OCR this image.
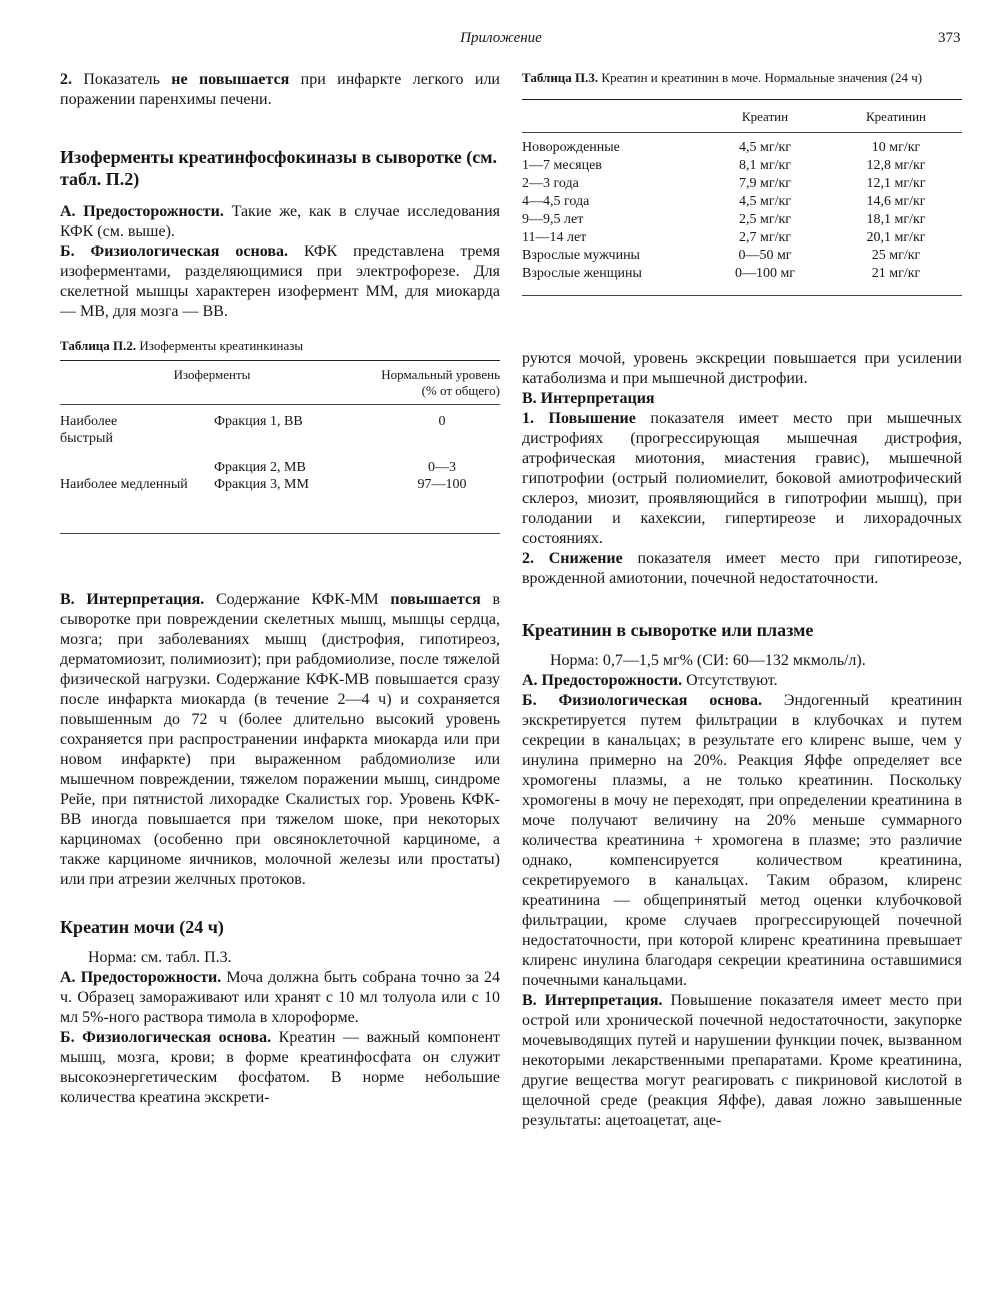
Приложение	373

2. Показатель не повышается при инфаркте легкого или поражении паренхимы печени.

Изоферменты креатинфосфокиназы в сыворотке (см. табл. П.2)

А. Предосторожности. Такие же, как в случае исследования КФК (см. выше).

Б. Физиологическая основа. КФК представлена тремя изоферментами, разделяющимися при электрофорезе. Для скелетной мышцы характерен изофермент ММ, для миокарда — МВ, для мозга — ВВ.

Таблица П.2. Изоферменты креатинкиназы

Изоферменты	Нормальный уровень (% от общего)
Наиболее быстрый	Фракция 1, ВВ	0
	Фракция 2, МВ	0—3
Наиболее медленный	Фракция 3, ММ	97—100

В. Интерпретация. Содержание КФК-ММ повышается в сыворотке при повреждении скелетных мышц, мышцы сердца, мозга; при заболеваниях мышц (дистрофия, гипотиреоз, дерматомиозит, полимиозит); при рабдомиолизе, после тяжелой физической нагрузки. Содержание КФК-МВ повышается сразу после инфаркта миокарда (в течение 2—4 ч) и сохраняется повышенным до 72 ч (более длительно высокий уровень сохраняется при распространении инфаркта миокарда или при новом инфаркте) при выраженном рабдомиолизе или мышечном повреждении, тяжелом поражении мышц, синдроме Рейе, при пятнистой лихорадке Скалистых гор. Уровень КФК-ВВ иногда повышается при тяжелом шоке, при некоторых карциномах (особенно при овсяноклеточной карциноме, а также карциноме яичников, молочной железы или простаты) или при атрезии желчных протоков.

Креатин мочи (24 ч)

Норма: см. табл. П.3.

А. Предосторожности. Моча должна быть собрана точно за 24 ч. Образец замораживают или хранят с 10 мл толуола или с 10 мл 5%-ного раствора тимола в хлороформе.

Б. Физиологическая основа. Креатин — важный компонент мышц, мозга, крови; в форме креатинфосфата он служит высокоэнергетическим фосфатом. В норме небольшие количества креатина экскрети-

Таблица П.3. Креатин и креатинин в моче. Нормальные значения (24 ч)

	Креатин	Креатинин
Новорожденные	4,5 мг/кг	10 мг/кг
1—7 месяцев	8,1 мг/кг	12,8 мг/кг
2—3 года	7,9 мг/кг	12,1 мг/кг
4—4,5 года	4,5 мг/кг	14,6 мг/кг
9—9,5 лет	2,5 мг/кг	18,1 мг/кг
11—14 лет	2,7 мг/кг	20,1 мг/кг
Взрослые мужчины	0—50 мг	25 мг/кг
Взрослые женщины	0—100 мг	21 мг/кг

руются мочой, уровень экскреции повышается при усилении катаболизма и при мышечной дистрофии.

В. Интерпретация

1. Повышение показателя имеет место при мышечных дистрофиях (прогрессирующая мышечная дистрофия, атрофическая миотония, миастения гравис), мышечной гипотрофии (острый полиомиелит, боковой амиотрофический склероз, миозит, проявляющийся в гипотрофии мышц), при голодании и кахексии, гипертиреозе и лихорадочных состояниях.

2. Снижение показателя имеет место при гипотиреозе, врожденной амиотонии, почечной недостаточности.

Креатинин в сыворотке или плазме

Норма: 0,7—1,5 мг% (СИ: 60—132 мкмоль/л).

А. Предосторожности. Отсутствуют.

Б. Физиологическая основа. Эндогенный креатинин экскретируется путем фильтрации в клубочках и путем секреции в канальцах; в результате его клиренс выше, чем у инулина примерно на 20%. Реакция Яффе определяет все хромогены плазмы, а не только креатинин. Поскольку хромогены в мочу не переходят, при определении креатинина в моче получают величину на 20% меньше суммарного количества креатинина + хромогена в плазме; это различие однако, компенсируется количеством креатинина, секретируемого в канальцах. Таким образом, клиренс креатинина — общепринятый метод оценки клубочковой фильтрации, кроме случаев прогрессирующей почечной недостаточности, при которой клиренс креатинина превышает клиренс инулина благодаря секреции креатинина оставшимися почечными канальцами.

В. Интерпретация. Повышение показателя имеет место при острой или хронической почечной недостаточности, закупорке мочевыводящих путей и нарушении функции почек, вызванном некоторыми лекарственными препаратами. Кроме креатинина, другие вещества могут реагировать с пикриновой кислотой в щелочной среде (реакция Яффе), давая ложно завышенные результаты: ацетоацетат, аце-
